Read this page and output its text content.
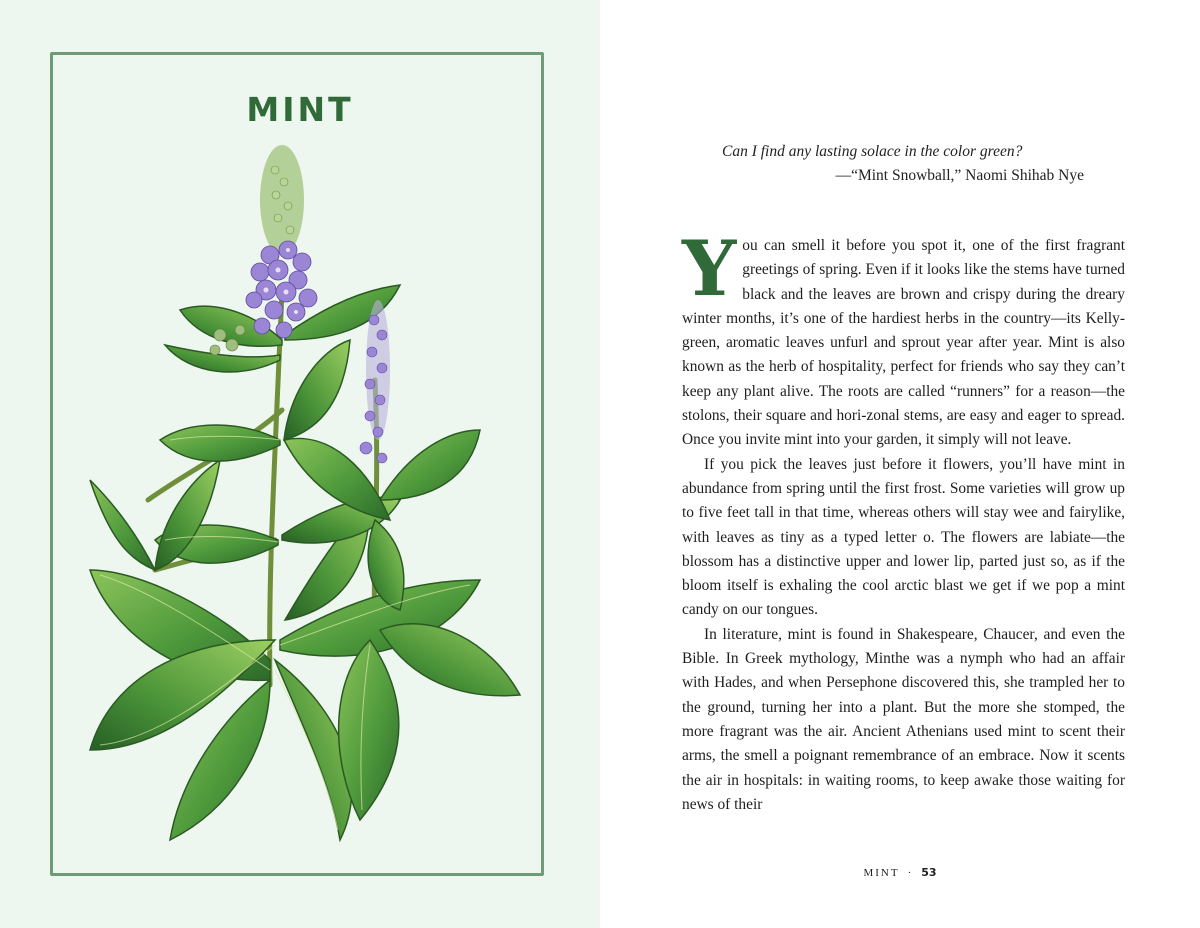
MINT
Can I find any lasting solace in the color green?
—“Mint Snowball,” Naomi Shihab Nye

You can smell it before you spot it, one of the first fragrant greetings of spring. Even if it looks like the stems have turned black and the leaves are brown and crispy during the dreary winter months, it’s one of the hardiest herbs in the country—its Kelly-green, aromatic leaves unfurl and sprout year after year. Mint is also known as the herb of hospitality, perfect for friends who say they can’t keep any plant alive. The roots are called “runners” for a reason—the stolons, their square and hori-zonal stems, are easy and eager to spread. Once you invite mint into your garden, it simply will not leave.

If you pick the leaves just before it flowers, you’ll have mint in abundance from spring until the first frost. Some varieties will grow up to five feet tall in that time, whereas others will stay wee and fairylike, with leaves as tiny as a typed letter o. The flowers are labiate—the blossom has a distinctive upper and lower lip, parted just so, as if the bloom itself is exhaling the cool arctic blast we get if we pop a mint candy on our tongues.

In literature, mint is found in Shakespeare, Chaucer, and even the Bible. In Greek mythology, Minthe was a nymph who had an affair with Hades, and when Persephone discovered this, she trampled her to the ground, turning her into a plant. But the more she stomped, the more fragrant was the air. Ancient Athenians used mint to scent their arms, the smell a poignant remembrance of an embrace. Now it scents the air in hospitals: in waiting rooms, to keep awake those waiting for news of their

MINT · 53
